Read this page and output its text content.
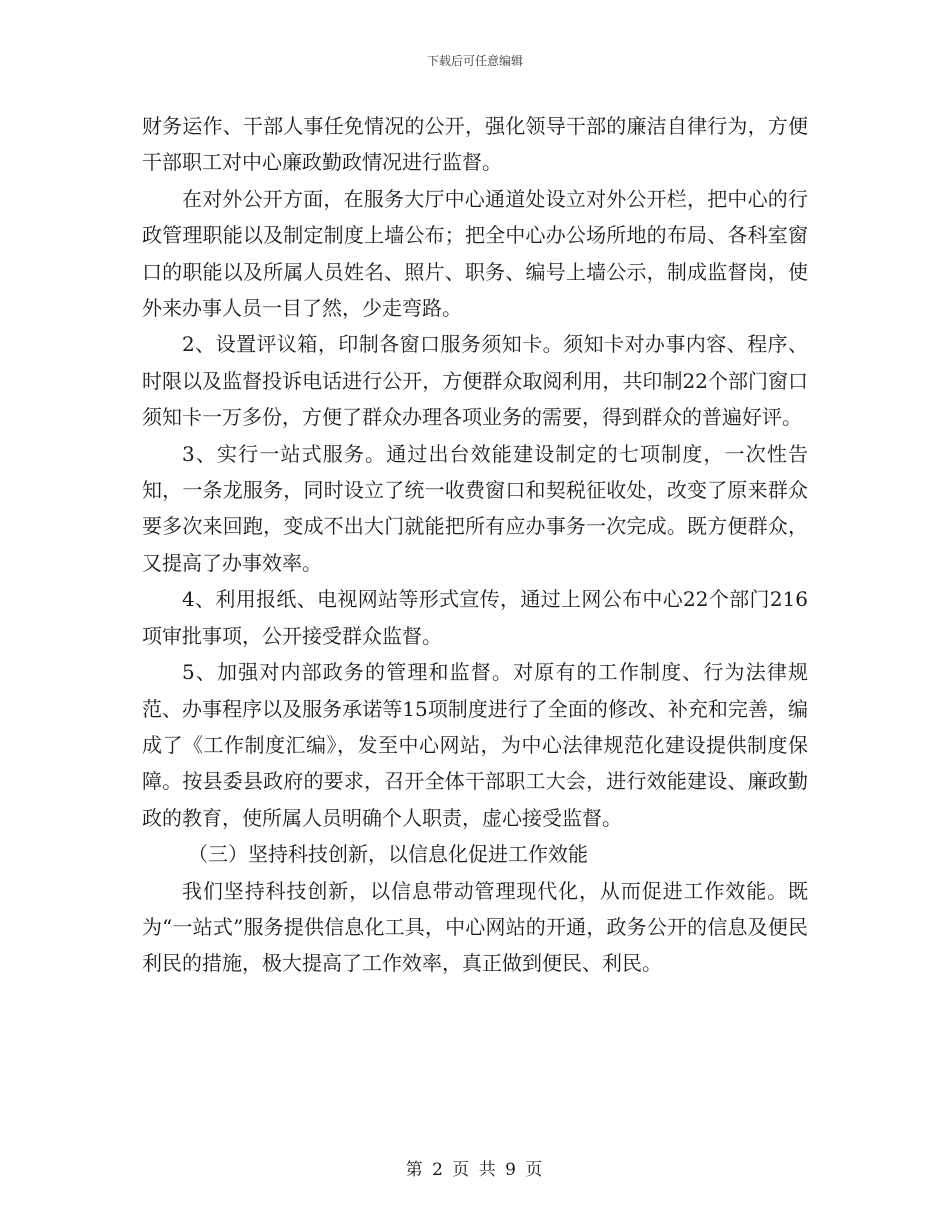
下载后可任意编辑

财务运作、干部人事任免情况的公开，强化领导干部的廉洁自律行为，方便干部职工对中心廉政勤政情况进行监督。

在对外公开方面，在服务大厅中心通道处设立对外公开栏，把中心的行政管理职能以及制定制度上墙公布；把全中心办公场所地的布局、各科室窗口的职能以及所属人员姓名、照片、职务、编号上墙公示，制成监督岗，使外来办事人员一目了然，少走弯路。

2、设置评议箱，印制各窗口服务须知卡。须知卡对办事内容、程序、时限以及监督投诉电话进行公开，方便群众取阅利用，共印制22个部门窗口须知卡一万多份，方便了群众办理各项业务的需要，得到群众的普遍好评。

3、实行一站式服务。通过出台效能建设制定的七项制度，一次性告知，一条龙服务，同时设立了统一收费窗口和契税征收处，改变了原来群众要多次来回跑，变成不出大门就能把所有应办事务一次完成。既方便群众，又提高了办事效率。

4、利用报纸、电视网站等形式宣传，通过上网公布中心22个部门216项审批事项，公开接受群众监督。

5、加强对内部政务的管理和监督。对原有的工作制度、行为法律规范、办事程序以及服务承诺等15项制度进行了全面的修改、补充和完善，编成了《工作制度汇编》，发至中心网站，为中心法律规范化建设提供制度保障。按县委县政府的要求，召开全体干部职工大会，进行效能建设、廉政勤政的教育，使所属人员明确个人职责，虚心接受监督。

（三）坚持科技创新，以信息化促进工作效能

我们坚持科技创新，以信息带动管理现代化，从而促进工作效能。既为“一站式”服务提供信息化工具，中心网站的开通，政务公开的信息及便民利民的措施，极大提高了工作效率，真正做到便民、利民。

第 2 页 共 9 页
